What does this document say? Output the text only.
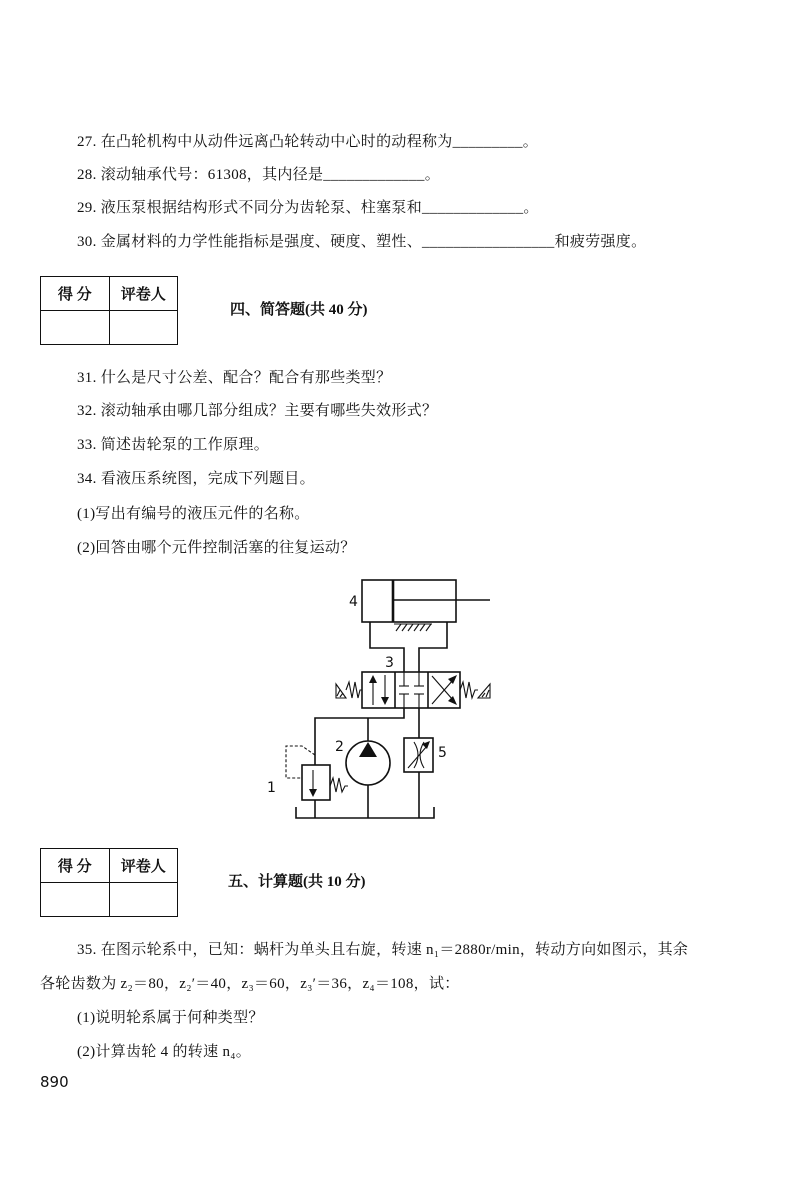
27. 在凸轮机构中从动件远离凸轮转动中心时的动程称为_________。
28. 滚动轴承代号：61308，其内径是_____________。
29. 液压泵根据结构形式不同分为齿轮泵、柱塞泵和_____________。
30. 金属材料的力学性能指标是强度、硬度、塑性、_________________和疲劳强度。
得 分	评卷人

四、简答题(共 40 分)
31. 什么是尺寸公差、配合？配合有那些类型？
32. 滚动轴承由哪几部分组成？主要有哪些失效形式？
33. 简述齿轮泵的工作原理。
34. 看液压系统图，完成下列题目。
(1)写出有编号的液压元件的名称。
(2)回答由哪个元件控制活塞的往复运动？
4
3
2
1
5
得 分	评卷人

五、计算题(共 10 分)
35. 在图示轮系中，已知：蜗杆为单头且右旋，转速 n₁＝2880r/min，转动方向如图示，其余
各轮齿数为 z₂＝80，z₂′＝40，z₃＝60，z₃′＝36，z₄＝108，试：
(1)说明轮系属于何种类型？
(2)计算齿轮 4 的转速 n₄。
890
